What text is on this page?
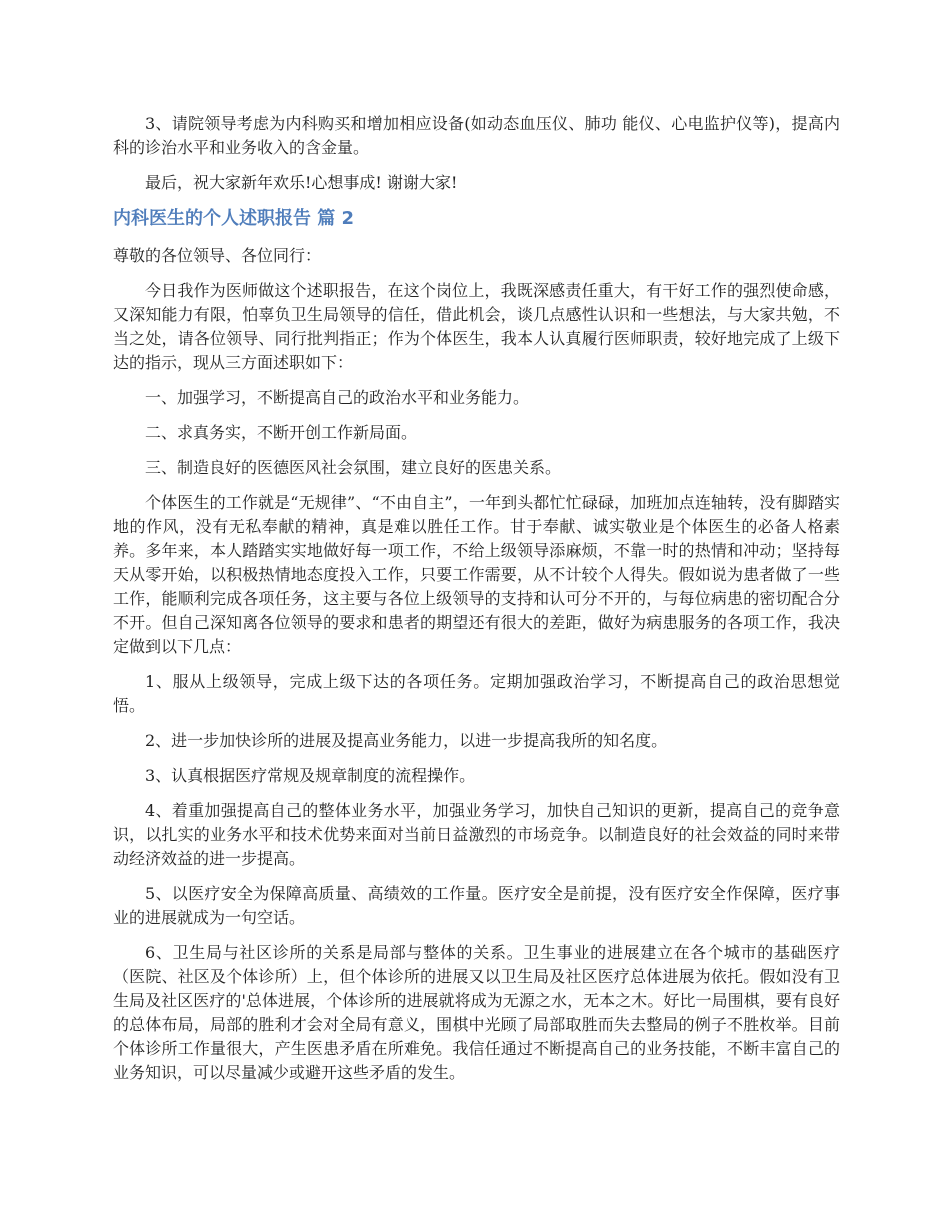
3、请院领导考虑为内科购买和增加相应设备(如动态血压仪、肺功 能仪、心电监护仪等)，提高内科的诊治水平和业务收入的含金量。

最后，祝大家新年欢乐!心想事成! 谢谢大家!

内科医生的个人述职报告 篇 2

尊敬的各位领导、各位同行：

今日我作为医师做这个述职报告，在这个岗位上，我既深感责任重大，有干好工作的强烈使命感，又深知能力有限，怕辜负卫生局领导的信任，借此机会，谈几点感性认识和一些想法，与大家共勉，不当之处，请各位领导、同行批判指正；作为个体医生，我本人认真履行医师职责，较好地完成了上级下达的指示，现从三方面述职如下：

一、加强学习，不断提高自己的政治水平和业务能力。

二、求真务实，不断开创工作新局面。

三、制造良好的医德医风社会氛围，建立良好的医患关系。

个体医生的工作就是“无规律”、“不由自主”，一年到头都忙忙碌碌，加班加点连轴转，没有脚踏实地的作风，没有无私奉献的精神，真是难以胜任工作。甘于奉献、诚实敬业是个体医生的必备人格素养。多年来，本人踏踏实实地做好每一项工作，不给上级领导添麻烦，不靠一时的热情和冲动；坚持每天从零开始，以积极热情地态度投入工作，只要工作需要，从不计较个人得失。假如说为患者做了一些工作，能顺利完成各项任务，这主要与各位上级领导的支持和认可分不开的，与每位病患的密切配合分不开。但自己深知离各位领导的要求和患者的期望还有很大的差距，做好为病患服务的各项工作，我决定做到以下几点：

1、服从上级领导，完成上级下达的各项任务。定期加强政治学习，不断提高自己的政治思想觉悟。

2、进一步加快诊所的进展及提高业务能力，以进一步提高我所的知名度。

3、认真根据医疗常规及规章制度的流程操作。

4、着重加强提高自己的整体业务水平，加强业务学习，加快自己知识的更新，提高自己的竞争意识，以扎实的业务水平和技术优势来面对当前日益激烈的市场竞争。以制造良好的社会效益的同时来带动经济效益的进一步提高。

5、以医疗安全为保障高质量、高绩效的工作量。医疗安全是前提，没有医疗安全作保障，医疗事业的进展就成为一句空话。

6、卫生局与社区诊所的关系是局部与整体的关系。卫生事业的进展建立在各个城市的基础医疗（医院、社区及个体诊所）上，但个体诊所的进展又以卫生局及社区医疗总体进展为依托。假如没有卫生局及社区医疗的'总体进展，个体诊所的进展就将成为无源之水，无本之木。好比一局围棋，要有良好的总体布局，局部的胜利才会对全局有意义，围棋中光顾了局部取胜而失去整局的例子不胜枚举。目前个体诊所工作量很大，产生医患矛盾在所难免。我信任通过不断提高自己的业务技能，不断丰富自己的业务知识，可以尽量减少或避开这些矛盾的发生。
